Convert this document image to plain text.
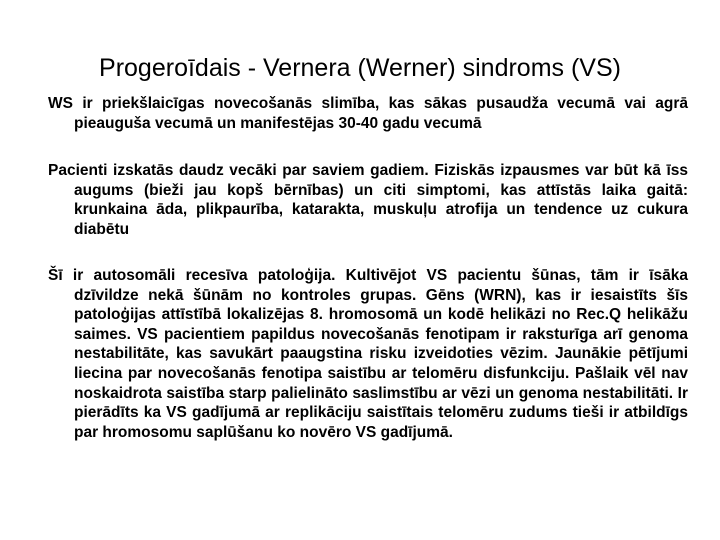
Progeroīdais - Vernera (Werner) sindroms (VS)

WS ir priekšlaicīgas novecošanās slimība, kas sākas pusaudža vecumā vai agrā pieauguša vecumā un manifestējas 30-40 gadu vecumā

Pacienti izskatās daudz vecāki par saviem gadiem. Fiziskās izpausmes var būt kā īss augums (bieži jau kopš bērnības) un citi simptomi, kas attīstās laika gaitā: krunkaina āda, plikpaurība, katarakta, muskuļu atrofija un tendence uz cukura diabētu

Šī ir autosomāli recesīva patoloģija. Kultivējot VS pacientu šūnas, tām ir īsāka dzīvildze nekā šūnām no kontroles grupas. Gēns (WRN), kas ir iesaistīts šīs patoloģijas attīstībā lokalizējas 8. hromosomā un kodē helikāzi no Rec.Q helikāžu saimes. VS pacientiem papildus novecošanās fenotipam ir raksturīga arī genoma nestabilitāte, kas savukārt paaugstina risku izveidoties vēzim. Jaunākie pētījumi liecina par novecošanās fenotipa saistību ar telomēru disfunkciju. Pašlaik vēl nav noskaidrota saistība starp palielināto saslimstību ar vēzi un genoma nestabilitāti. Ir pierādīts ka VS gadījumā ar replikāciju saistītais telomēru zudums tieši ir atbildīgs par hromosomu saplūšanu ko novēro VS gadījumā.
